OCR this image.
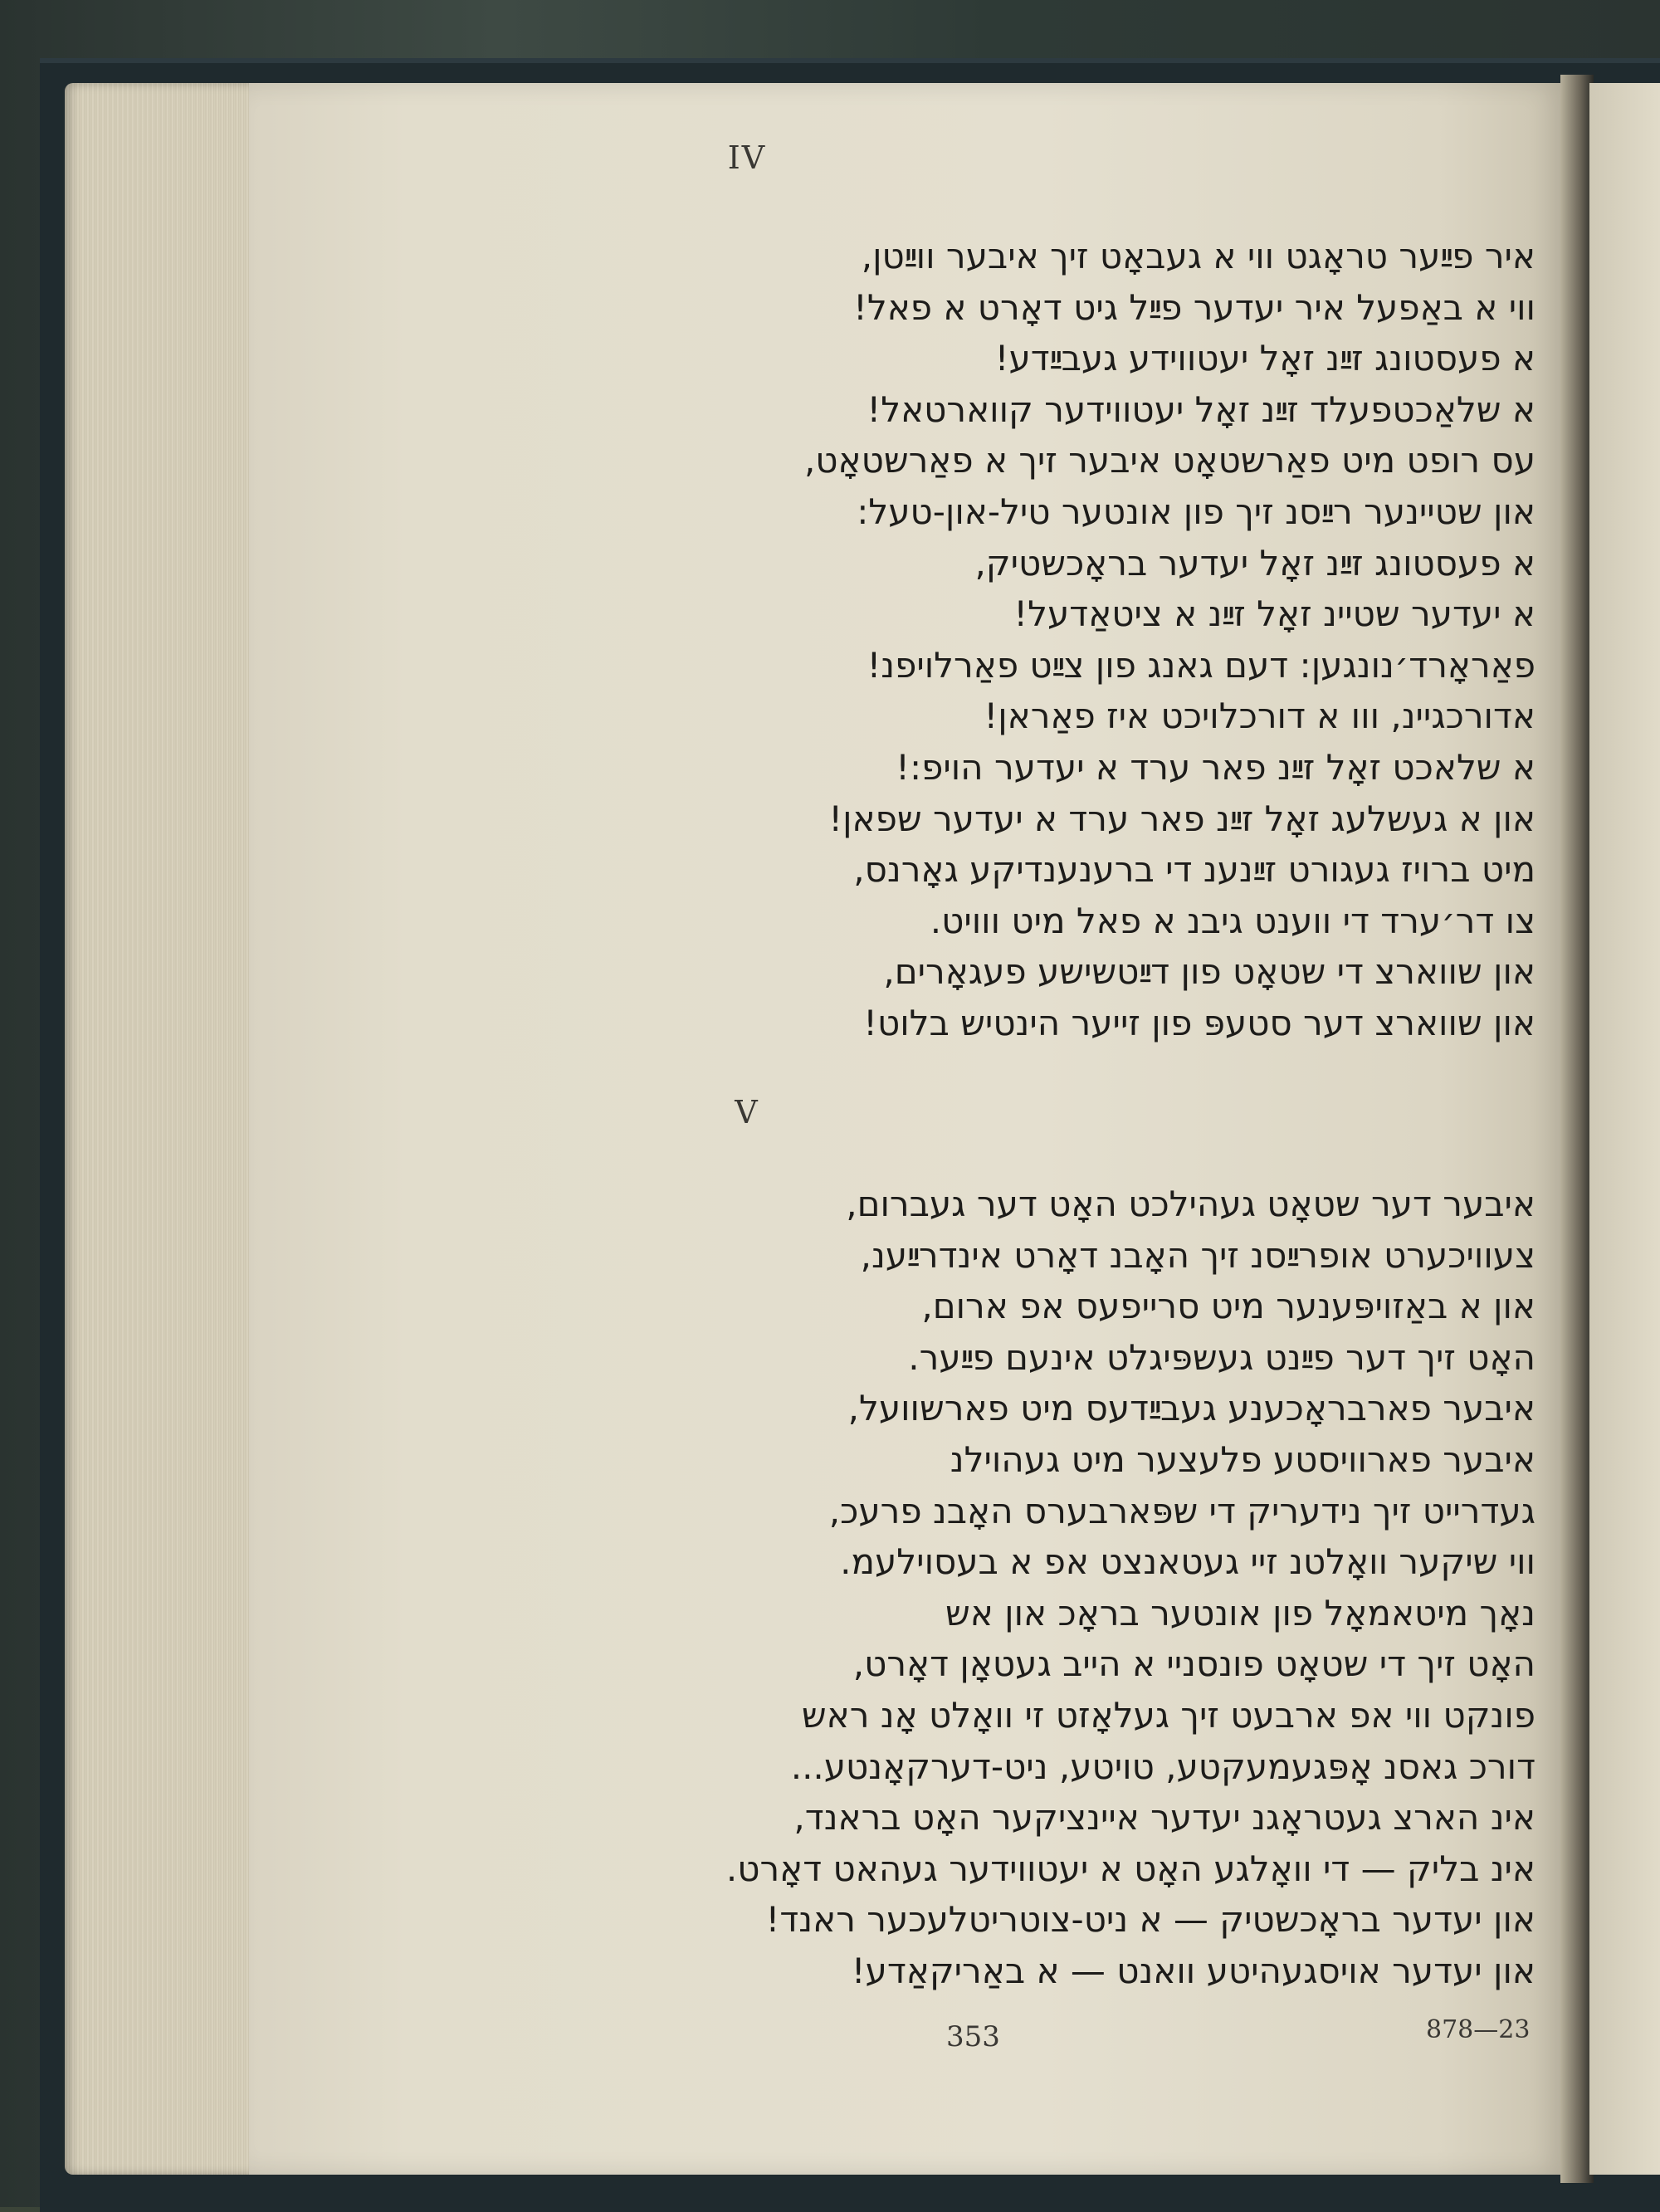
IV
איר פײַער טראָגט ווי א געבאָט זיך איבער ווײַטן,
ווי א באַפעל איר יעדער פײַל גיט דאָרט א פאל!
א פעסטונג זײַנ זאָל יעטווידע געבײַדע!
א שלאַכטפעלד זײַנ זאָל יעטווידער קווארטאל!
עס רופט מיט פאַרשטאָט איבער זיך א פאַרשטאָט,
און שטיינער רײַסנ זיך פון אונטער טיל-און-טעל:
א פעסטונג זײַנ זאָל יעדער בראָכשטיק,
א יעדער שטיינ זאָל זײַנ א ציטאַדעל!
פאַראָרד׳נונגען: דעם גאנג פון צײַט פאַרלויפנ!
אדורכגיינ, ווו א דורכלויכט איז פאַראן!
א שלאכט זאָל זײַנ פאר ערד א יעדער הויפ:!
און א געשלעג זאָל זײַנ פאר ערד א יעדער שפאן!
מיט ברויז געגורט זײַנענ די ברענענדיקע גאָרנס,
צו דר׳ערד די ווענט גיבנ א פאל מיט ווויט.
און שווארצ די שטאָט פון דײַטשישע פעגאָרים,
און שווארצ דער סטעפּ פון זייער הינטיש בלוט!
V
איבער דער שטאָט געהילכט האָט דער געברום,
צעוויכערט אופרײַסנ זיך האָבנ דאָרט אינדרײַענ,
און א באַזויפּענער מיט סרייפעס אפ ארום,
האָט זיך דער פײַנט געשפּיגלט אינעם פײַער.
איבער פארבראָכענע געבײַדעס מיט פארשוועל,
איבער פארוויסטע פלעצער מיט געהוילנ
געדרייט זיך נידעריק די שפּארבערס האָבנ פרעכ,
ווי שיקער וואָלטנ זיי געטאנצט אפ א בעסוילעמ.
נאָך מיטאמאָל פון אונטער בראָכ און אש
האָט זיך די שטאָט פונסניי א הייב געטאָן דאָרט,
פונקט ווי אפ ארבעט זיך געלאָזט זי וואָלט אָנ ראש
דורכ גאסנ אָפּגעמעקטע, טויטע, ניט-דערקאָנטע...
אינ הארצ געטראָגנ יעדער איינציקער האָט בראנד,
אינ בליק — די וואָלגע האָט א יעטווידער געהאט דאָרט.
און יעדער בראָכשטיק — א ניט-צוטריטלעכער ראנד!
און יעדער אויסגעהיטע וואנט — א באַריקאַדע!
353	878—23
